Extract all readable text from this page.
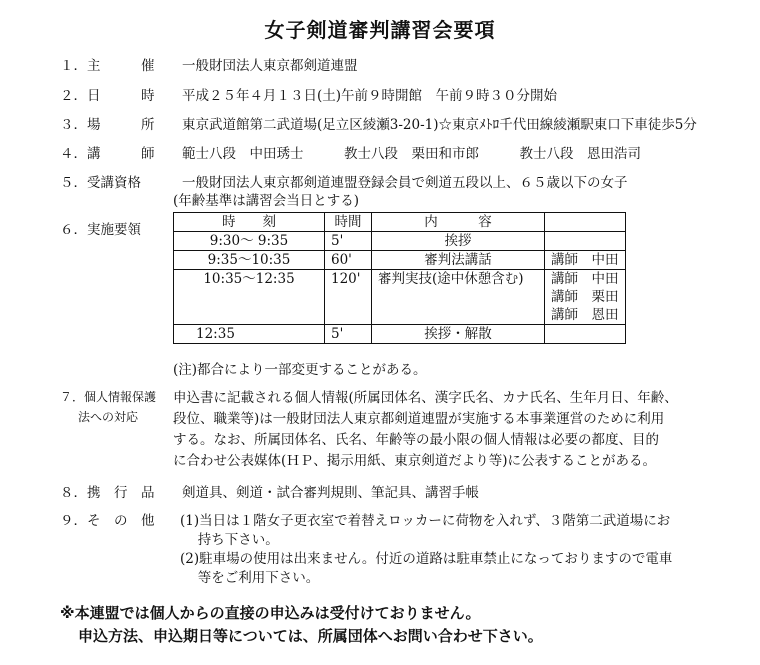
女子剣道審判講習会要項
１．主　　　催 一般財団法人東京都剣道連盟
２．日　　　時 平成２５年４月１３日(土)午前９時開館　午前９時３０分開始
３．場　　　所 東京武道館第二武道場(足立区綾瀬3-20-1)☆東京ﾒﾄﾛ千代田線綾瀬駅東口下車徒歩5分
４．講　　　師 範士八段　中田琇士　　　教士八段　栗田和市郎　　　教士八段　恩田浩司
５．受講資格	一般財団法人東京都剣道連盟登録会員で剣道五段以上、６５歳以下の女子
(年齢基準は講習会当日とする)
６．実施要領	時　　刻	時間	内　　　容	
9:30～ 9:35	5'	挨拶	
9:35～10:35	60'	審判法講話	講師　中田
10:35～12:35	120'	審判実技(途中休憩含む)	講師　中田
講師　栗田
講師　恩田

12:35	5'	挨拶・解散	
(注)都合により一部変更することがある。
７．個人情報保護
法への対応
申込書に記載される個人情報(所属団体名、漢字氏名、カナ氏名、生年月日、年齢、
段位、職業等)は一般財団法人東京都剣道連盟が実施する本事業運営のために利用
する。なお、所属団体名、氏名、年齢等の最小限の個人情報は必要の都度、目的
に合わせ公表媒体(ＨＰ、掲示用紙、東京剣道だより等)に公表することがある。
８．携　行　品 剣道具、剣道・試合審判規則、筆記具、講習手帳
９．そ　の　他 (1)当日は１階女子更衣室で着替えロッカーに荷物を入れず、３階第二武道場にお
　 持ち下さい。
(2)駐車場の使用は出来ません。付近の道路は駐車禁止になっておりますので電車
　 等をご利用下さい。
※本連盟では個人からの直接の申込みは受付けておりません。
申込方法、申込期日等については、所属団体へお問い合わせ下さい。
